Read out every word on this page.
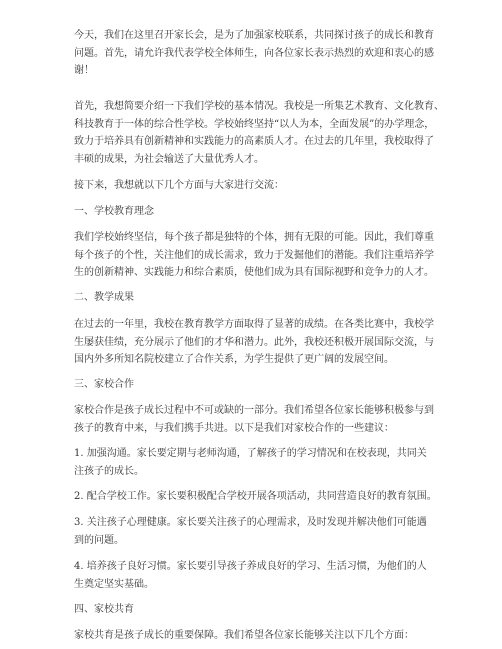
今天，我们在这里召开家长会，是为了加强家校联系，共同探讨孩子的成长和教育
问题。首先，请允许我代表学校全体师生，向各位家长表示热烈的欢迎和衷心的感
谢！
首先，我想简要介绍一下我们学校的基本情况。我校是一所集艺术教育、文化教育、
科技教育于一体的综合性学校。学校始终坚持“以人为本，全面发展”的办学理念，
致力于培养具有创新精神和实践能力的高素质人才。在过去的几年里，我校取得了
丰硕的成果，为社会输送了大量优秀人才。
接下来，我想就以下几个方面与大家进行交流：
一、学校教育理念
我们学校始终坚信，每个孩子都是独特的个体，拥有无限的可能。因此，我们尊重
每个孩子的个性，关注他们的成长需求，致力于发掘他们的潜能。我们注重培养学
生的创新精神、实践能力和综合素质，使他们成为具有国际视野和竞争力的人才。
二、教学成果
在过去的一年里，我校在教育教学方面取得了显著的成绩。在各类比赛中，我校学
生屡获佳绩，充分展示了他们的才华和潜力。此外，我校还积极开展国际交流，与
国内外多所知名院校建立了合作关系，为学生提供了更广阔的发展空间。
三、家校合作
家校合作是孩子成长过程中不可或缺的一部分。我们希望各位家长能够积极参与到
孩子的教育中来，与我们携手共进。以下是我们对家校合作的一些建议：
1. 加强沟通。家长要定期与老师沟通，了解孩子的学习情况和在校表现，共同关
注孩子的成长。
2. 配合学校工作。家长要积极配合学校开展各项活动，共同营造良好的教育氛围。
3. 关注孩子心理健康。家长要关注孩子的心理需求，及时发现并解决他们可能遇
到的问题。
4. 培养孩子良好习惯。家长要引导孩子养成良好的学习、生活习惯，为他们的人
生奠定坚实基础。
四、家校共育
家校共育是孩子成长的重要保障。我们希望各位家长能够关注以下几个方面：
